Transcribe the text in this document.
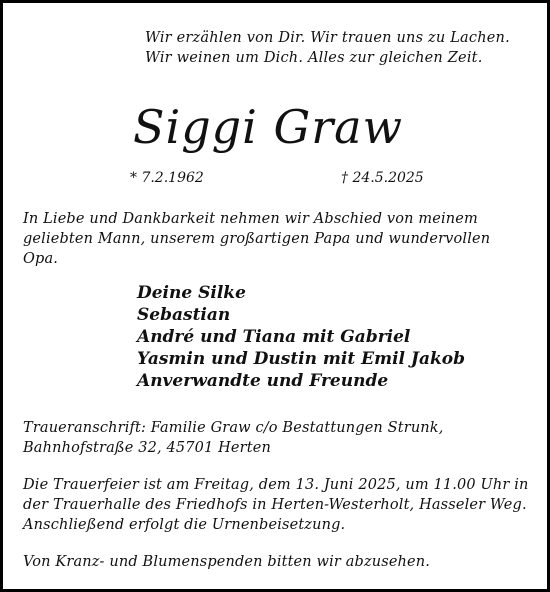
Wir erzählen von Dir. Wir trauen uns zu Lachen.
Wir weinen um Dich. Alles zur gleichen Zeit.
Siggi Graw
* 7.2.1962	† 24.5.2025
In Liebe und Dankbarkeit nehmen wir Abschied von meinem
geliebten Mann, unserem großartigen Papa und wundervollen
Opa.
Deine Silke
Sebastian
André und Tiana mit Gabriel
Yasmin und Dustin mit Emil Jakob
Anverwandte und Freunde
Traueranschrift: Familie Graw c/o Bestattungen Strunk,
Bahnhofstraße 32, 45701 Herten
Die Trauerfeier ist am Freitag, dem 13. Juni 2025, um 11.00 Uhr in
der Trauerhalle des Friedhofs in Herten-Westerholt, Hasseler Weg.
Anschließend erfolgt die Urnenbeisetzung.
Von Kranz- und Blumenspenden bitten wir abzusehen.
